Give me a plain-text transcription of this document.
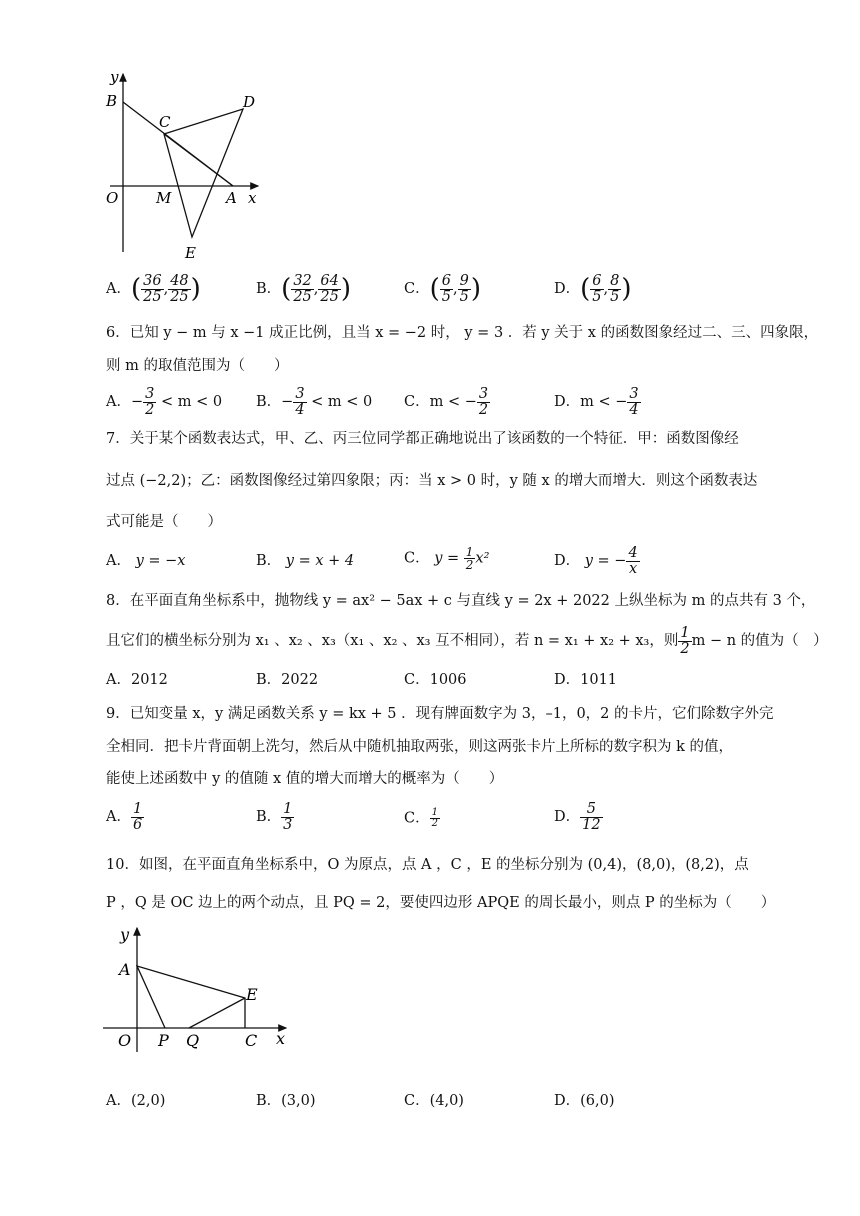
y
x
B
C
D
O	M	A
E
A．( $\frac{36}{25}$ , $\frac{48}{25}$ )	B．( $\frac{32}{25}$ , $\frac{64}{25}$ )	C．( $\frac{6}{5}$ , $\frac{9}{5}$ )	D．( $\frac{6}{5}$ , $\frac{8}{5}$ )
6．已知 y − m 与 x −1 成正比例，且当 x = −2 时， y = 3 ．若 y 关于 x 的函数图象经过二、三、四象限，
则 m 的取值范围为（　　）
A．− $\frac{3}{2} < m < 0$ B．− $\frac{3}{4} < m < 0$ C．m < − $\frac{3}{2}$	D．m < − $\frac{3}{4}$
7．关于某个函数表达式，甲、乙、丙三位同学都正确地说出了该函数的一个特征．甲：函数图像经
过点 (−2,2)；乙：函数图像经过第四象限；丙：当 x > 0 时，y 随 x 的增大而增大．则这个函数表达
式可能是（　　）
A． y = −x	B． y = x + 4	C． $y = \frac{1}{2} x^2$	D． y = − $\frac{4}{x}$
8．在平面直角坐标系中，抛物线 y = ax² − 5ax + c 与直线 y = 2x + 2022 上纵坐标为 m 的点共有 3 个，
且它们的横坐标分别为 x₁ 、x₂ 、x₃（x₁ 、x₂ 、x₃ 互不相同），若 n = x₁ + x₂ + x₃，则 $\frac{1}{2}$ m − n 的值为（　）
A．2012	B．2022	C．1006	D．1011
9．已知变量 x，y 满足函数关系 y = kx + 5 ．现有牌面数字为 3，–1，0，2 的卡片，它们除数字外完
全相同．把卡片背面朝上洗匀，然后从中随机抽取两张，则这两张卡片上所标的数字积为 k 的值，
能使上述函数中 y 的值随 x 值的增大而增大的概率为（　　）
A． $\frac{1}{6}$	B． $\frac{1}{3}$	C． $\frac{1}{2}$	D． $\frac{5}{12}$
10．如图，在平面直角坐标系中，O 为原点，点 A ，C ，E 的坐标分别为 (0,4)，(8,0)，(8,2)，点
P ，Q 是 OC 边上的两个动点，且 PQ = 2，要使四边形 APQE 的周长最小，则点 P 的坐标为（　　）
y
x
A
E
O P Q	C
A．(2,0)	B．(3,0)	C．(4,0)	D．(6,0)
